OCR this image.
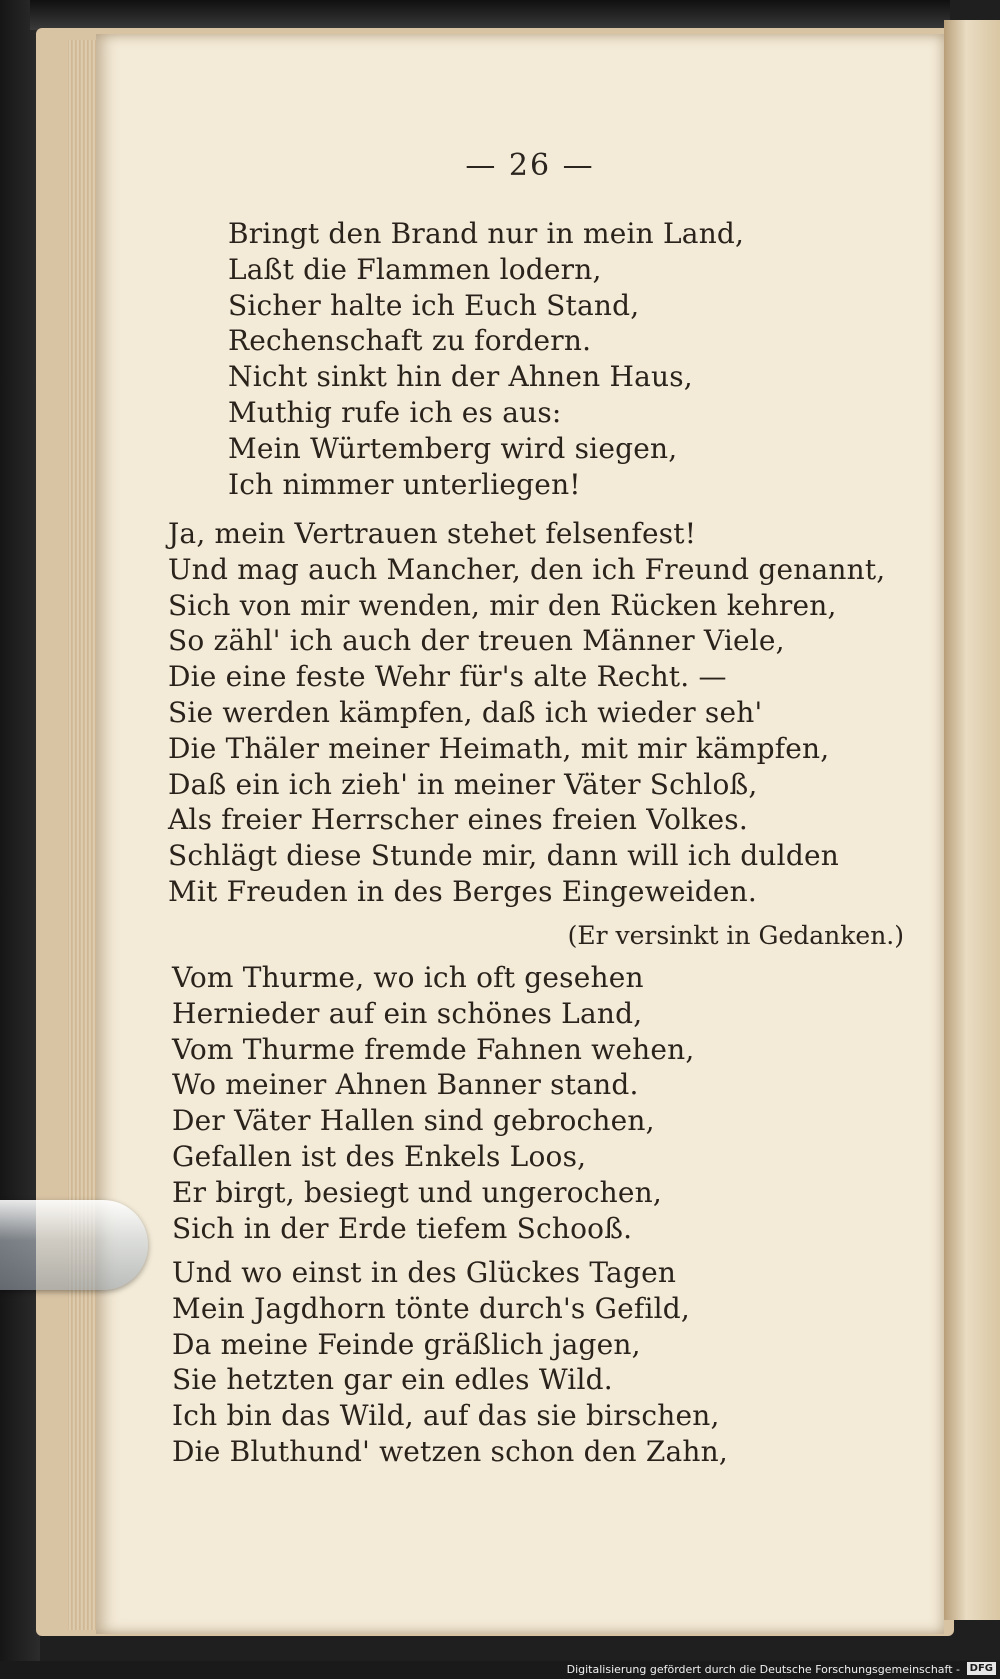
— 26 —
Bringt den Brand nur in mein Land,
Laßt die Flammen lodern,
Sicher halte ich Euch Stand,
Rechenschaft zu fordern.
Nicht sinkt hin der Ahnen Haus,
Muthig rufe ich es aus:
Mein Würtemberg wird siegen,
Ich nimmer unterliegen!
Ja, mein Vertrauen stehet felsenfest!
Und mag auch Mancher, den ich Freund genannt,
Sich von mir wenden, mir den Rücken kehren,
So zähl' ich auch der treuen Männer Viele,
Die eine feste Wehr für's alte Recht. —
Sie werden kämpfen, daß ich wieder seh'
Die Thäler meiner Heimath, mit mir kämpfen,
Daß ein ich zieh' in meiner Väter Schloß,
Als freier Herrscher eines freien Volkes.
Schlägt diese Stunde mir, dann will ich dulden
Mit Freuden in des Berges Eingeweiden.
(Er versinkt in Gedanken.)
Vom Thurme, wo ich oft gesehen
Hernieder auf ein schönes Land,
Vom Thurme fremde Fahnen wehen,
Wo meiner Ahnen Banner stand.
Der Väter Hallen sind gebrochen,
Gefallen ist des Enkels Loos,
Er birgt, besiegt und ungerochen,
Sich in der Erde tiefem Schooß.
Und wo einst in des Glückes Tagen
Mein Jagdhorn tönte durch's Gefild,
Da meine Feinde gräßlich jagen,
Sie hetzten gar ein edles Wild.
Ich bin das Wild, auf das sie birschen,
Die Bluthund' wetzen schon den Zahn,
Digitalisierung gefördert durch die Deutsche Forschungsgemeinschaft - DFG
